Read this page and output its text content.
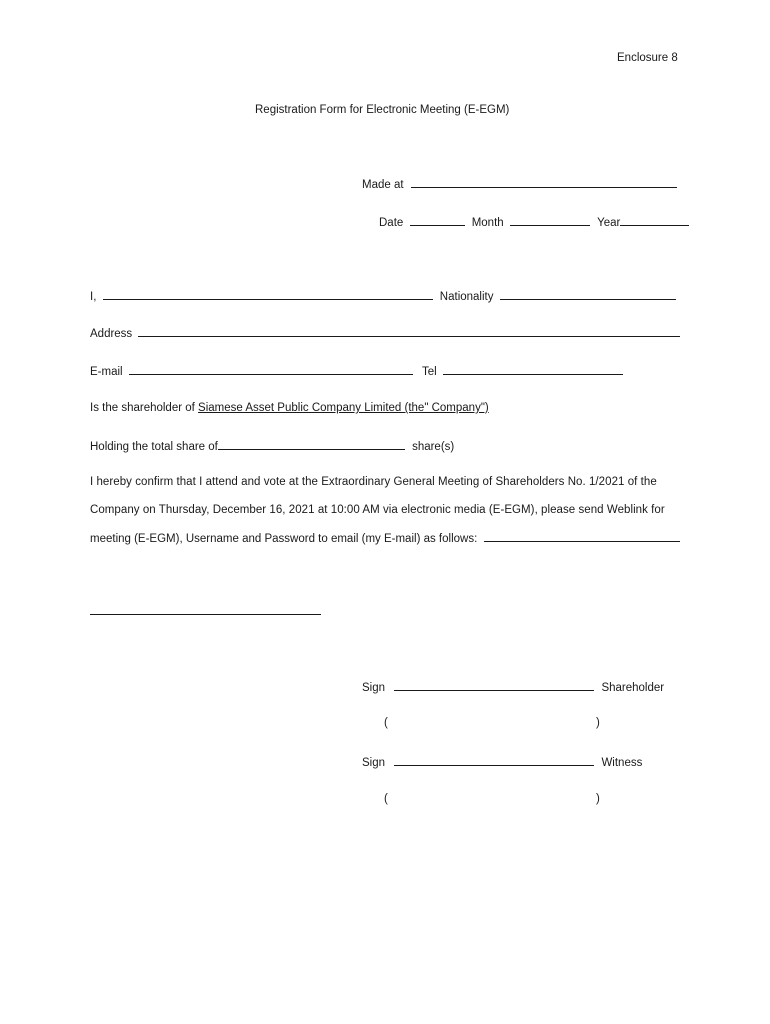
Enclosure 8
Registration Form for Electronic Meeting (E-EGM)
Made at
Date	Month	Year
I,	Nationality
Address
E-mail	Tel
Is the shareholder of Siamese Asset Public Company Limited (the" Company")
Holding the total share of	share(s)
I hereby confirm that I attend and vote at the Extraordinary General Meeting of Shareholders No. 1/2021 of the
Company on Thursday, December 16, 2021 at 10:00 AM via electronic media (E-EGM), please send Weblink for
meeting (E-EGM), Username and Password to email (my E-mail) as follows:
Sign	Shareholder
(	)
Sign	Witness
(	)
